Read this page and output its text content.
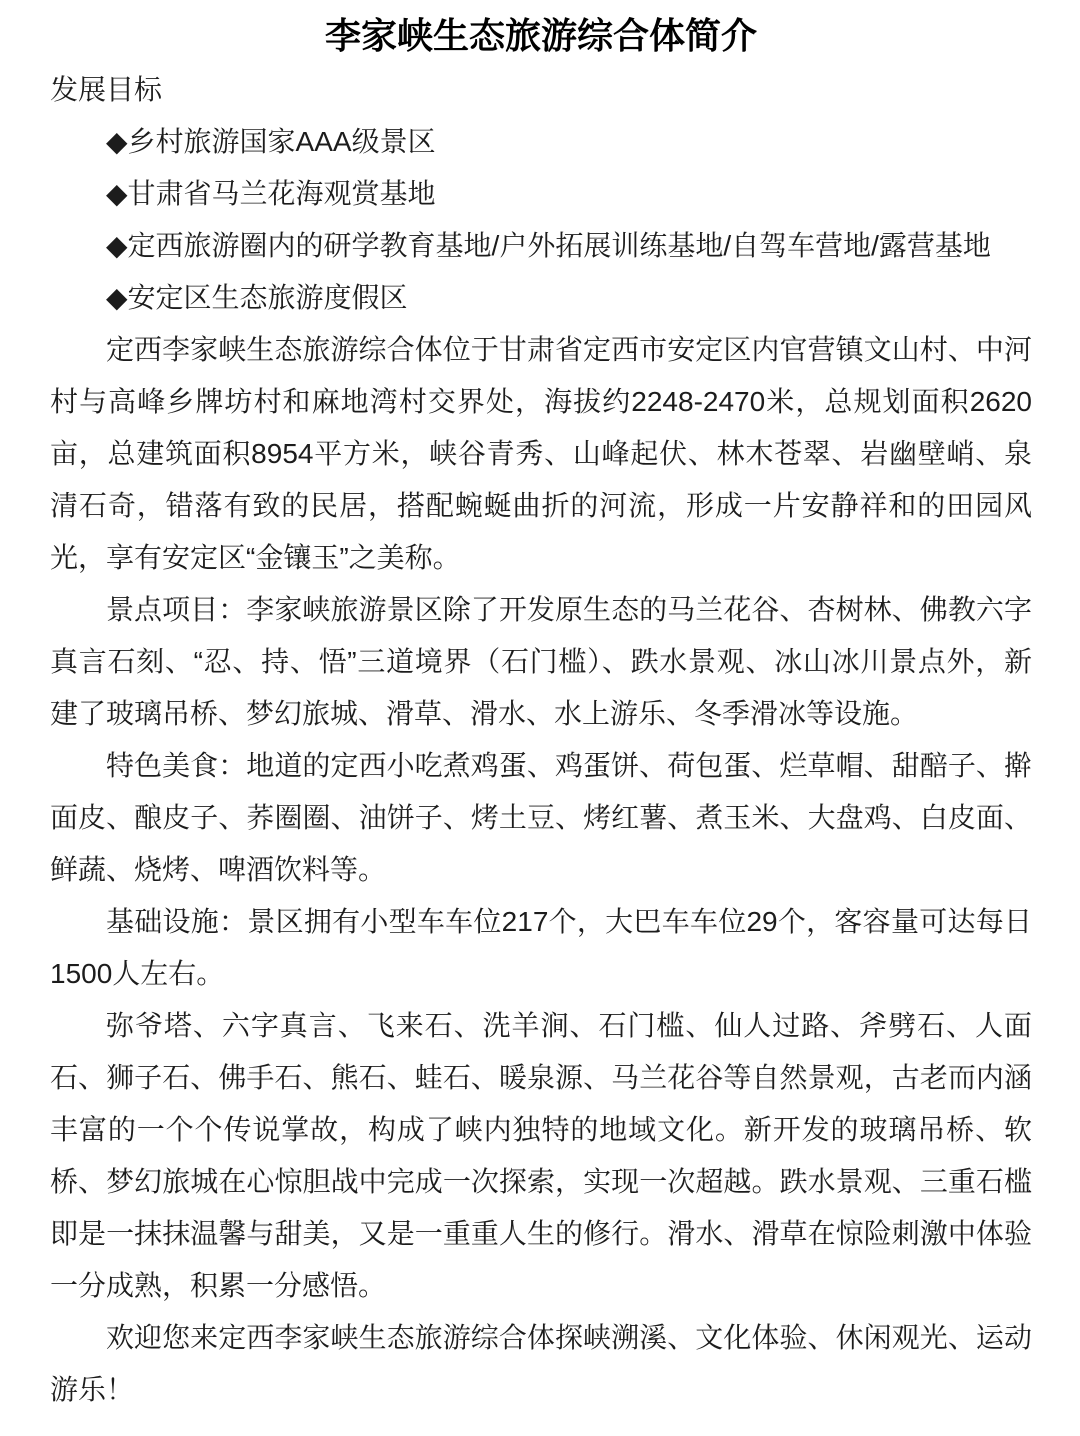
李家峡生态旅游综合体简介

发展目标

◆乡村旅游国家AAA级景区

◆甘肃省马兰花海观赏基地

◆定西旅游圈内的研学教育基地/户外拓展训练基地/自驾车营地/露营基地

◆安定区生态旅游度假区

定西李家峡生态旅游综合体位于甘肃省定西市安定区内官营镇文山村、中河村与高峰乡牌坊村和麻地湾村交界处，海拔约2248-2470米，总规划面积2620亩，总建筑面积8954平方米，峡谷青秀、山峰起伏、林木苍翠、岩幽壁峭、泉清石奇，错落有致的民居，搭配蜿蜒曲折的河流，形成一片安静祥和的田园风光，享有安定区“金镶玉”之美称。

景点项目：李家峡旅游景区除了开发原生态的马兰花谷、杏树林、佛教六字真言石刻、“忍、持、悟”三道境界（石门槛）、跌水景观、冰山冰川景点外，新建了玻璃吊桥、梦幻旅城、滑草、滑水、水上游乐、冬季滑冰等设施。

特色美食：地道的定西小吃煮鸡蛋、鸡蛋饼、荷包蛋、烂草帽、甜醅子、擀面皮、酿皮子、荞圈圈、油饼子、烤土豆、烤红薯、煮玉米、大盘鸡、白皮面、鲜蔬、烧烤、啤酒饮料等。

基础设施：景区拥有小型车车位217个，大巴车车位29个，客容量可达每日1500人左右。

弥爷塔、六字真言、飞来石、洗羊涧、石门槛、仙人过路、斧劈石、人面石、狮子石、佛手石、熊石、蛙石、暖泉源、马兰花谷等自然景观，古老而内涵丰富的一个个传说掌故，构成了峡内独特的地域文化。新开发的玻璃吊桥、软桥、梦幻旅城在心惊胆战中完成一次探索，实现一次超越。跌水景观、三重石槛即是一抹抹温馨与甜美，又是一重重人生的修行。滑水、滑草在惊险刺激中体验一分成熟，积累一分感悟。

欢迎您来定西李家峡生态旅游综合体探峡溯溪、文化体验、休闲观光、运动游乐！
